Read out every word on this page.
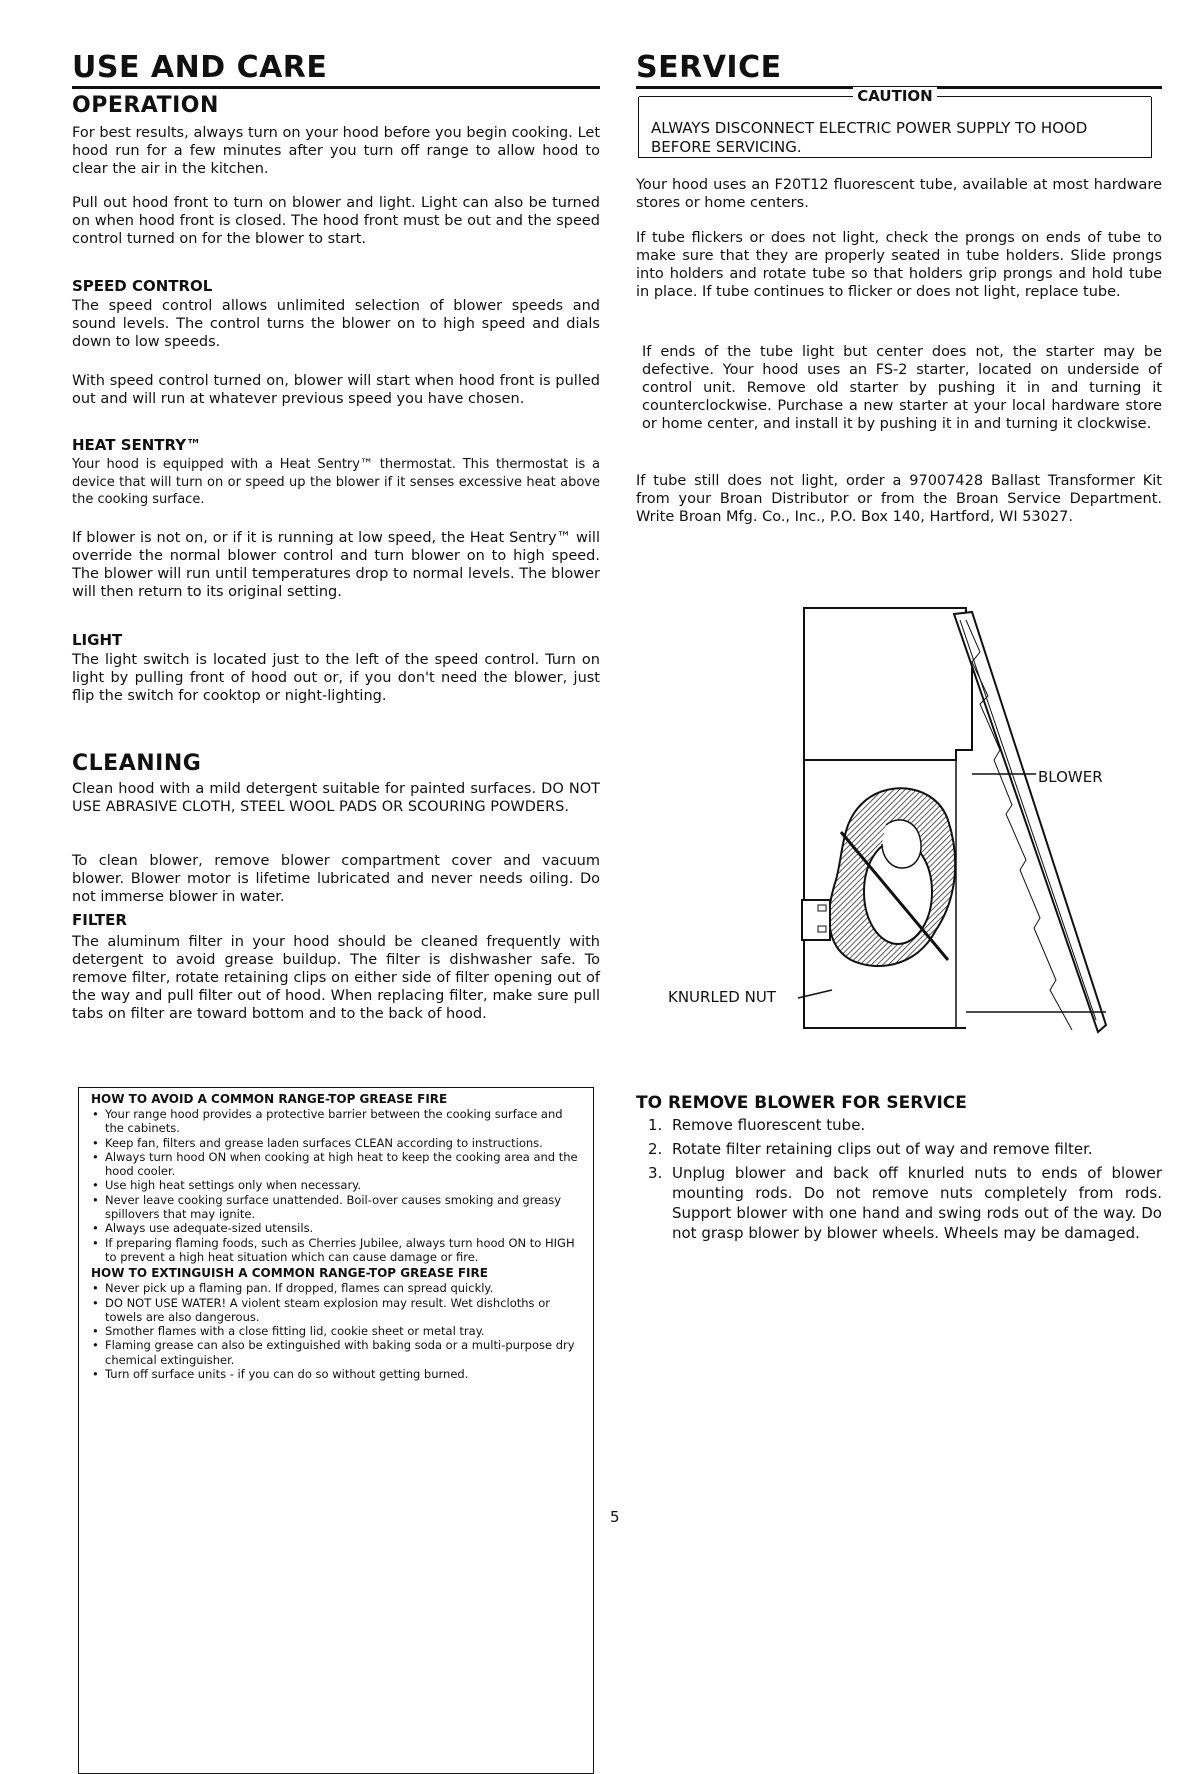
USE AND CARE
OPERATION

For best results, always turn on your hood before you begin cooking. Let hood run for a few minutes after you turn off range to allow hood to clear the air in the kitchen.

Pull out hood front to turn on blower and light. Light can also be turned on when hood front is closed. The hood front must be out and the speed control turned on for the blower to start.

SPEED CONTROL

The speed control allows unlimited selection of blower speeds and sound levels. The control turns the blower on to high speed and dials down to low speeds.

With speed control turned on, blower will start when hood front is pulled out and will run at whatever previous speed you have chosen.

HEAT SENTRY™

Your hood is equipped with a Heat Sentry™ thermostat. This thermostat is a device that will turn on or speed up the blower if it senses excessive heat above the cooking surface.

If blower is not on, or if it is running at low speed, the Heat Sentry™ will override the normal blower control and turn blower on to high speed. The blower will run until temperatures drop to normal levels. The blower will then return to its original setting.

LIGHT

The light switch is located just to the left of the speed control. Turn on light by pulling front of hood out or, if you don't need the blower, just flip the switch for cooktop or night-lighting.

CLEANING

Clean hood with a mild detergent suitable for painted surfaces. DO NOT USE ABRASIVE CLOTH, STEEL WOOL PADS OR SCOURING POWDERS.

To clean blower, remove blower compartment cover and vacuum blower. Blower motor is lifetime lubricated and never needs oiling. Do not immerse blower in water.

FILTER

The aluminum filter in your hood should be cleaned frequently with detergent to avoid grease buildup. The filter is dishwasher safe. To remove filter, rotate retaining clips on either side of filter opening out of the way and pull filter out of hood. When replacing filter, make sure pull tabs on filter are toward bottom and to the back of hood.

HOW TO AVOID A COMMON RANGE-TOP GREASE FIRE

• Your range hood provides a protective barrier between the cooking surface and the cabinets.
• Keep fan, filters and grease laden surfaces CLEAN according to instructions.
• Always turn hood ON when cooking at high heat to keep the cooking area and the hood cooler.
• Use high heat settings only when necessary.
• Never leave cooking surface unattended. Boil-over causes smoking and greasy spillovers that may ignite.
• Always use adequate-sized utensils.
• If preparing flaming foods, such as Cherries Jubilee, always turn hood ON to HIGH to prevent a high heat situation which can cause damage or fire.

HOW TO EXTINGUISH A COMMON RANGE-TOP GREASE FIRE

• Never pick up a flaming pan. If dropped, flames can spread quickly.
• DO NOT USE WATER! A violent steam explosion may result. Wet dishcloths or towels are also dangerous.
• Smother flames with a close fitting lid, cookie sheet or metal tray.
• Flaming grease can also be extinguished with baking soda or a multi-purpose dry chemical extinguisher.
• Turn off surface units - if you can do so without getting burned.
SERVICE
CAUTION
ALWAYS DISCONNECT ELECTRIC POWER SUPPLY TO HOOD BEFORE SERVICING.

Your hood uses an F20T12 fluorescent tube, available at most hardware stores or home centers.

If tube flickers or does not light, check the prongs on ends of tube to make sure that they are properly seated in tube holders. Slide prongs into holders and rotate tube so that holders grip prongs and hold tube in place. If tube continues to flicker or does not light, replace tube.

If ends of the tube light but center does not, the starter may be defective. Your hood uses an FS-2 starter, located on underside of control unit. Remove old starter by pushing it in and turning it counterclockwise. Purchase a new starter at your local hardware store or home center, and install it by pushing it in and turning it clockwise.

If tube still does not light, order a 97007428 Ballast Transformer Kit from your Broan Distributor or from the Broan Service Department. Write Broan Mfg. Co., Inc., P.O. Box 140, Hartford, WI 53027.

BLOWER
KNURLED NUT
TO REMOVE BLOWER FOR SERVICE
1. Remove fluorescent tube.
2. Rotate filter retaining clips out of way and remove filter.
3. Unplug blower and back off knurled nuts to ends of blower mounting rods. Do not remove nuts completely from rods. Support blower with one hand and swing rods out of the way. Do not grasp blower by blower wheels. Wheels may be damaged.
5
